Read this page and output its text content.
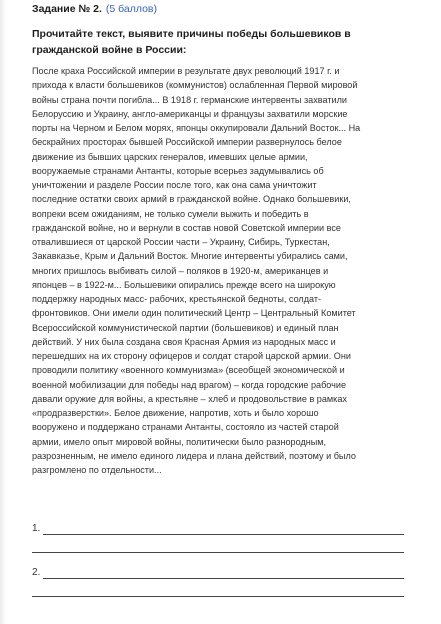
Задание № 2. (5 баллов)
Прочитайте текст, выявите причины победы большевиков в гражданской войне в России:
После краха Российской империи в результате двух революций 1917 г. и
прихода к власти большевиков (коммунистов) ослабленная Первой мировой
войны страна почти погибла... В 1918 г. германские интервенты захватили
Белоруссию и Украину, англо-американцы и французы захватили морские
порты на Черном и Белом морях, японцы оккупировали Дальний Восток... На
бескрайних просторах бывшей Российской империи развернулось белое
движение из бывших царских генералов, имевших целые армии,
вооружаемые странами Антанты, которые всерьез задумывались об
уничтожении и разделе России после того, как она сама уничтожит
последние остатки своих армий в гражданской войне. Однако большевики,
вопреки всем ожиданиям, не только сумели выжить и победить в
гражданской войне, но и вернули в состав новой Советской империи все
отвалившиеся от царской России части – Украину, Сибирь, Туркестан,
Закавказье, Крым и Дальний Восток. Многие интервенты убирались сами,
многих пришлось выбивать силой – поляков в 1920-м, американцев и
японцев – в 1922-м... Большевики опирались прежде всего на широкую
поддержку народных масс- рабочих, крестьянской бедноты, солдат-
фронтовиков. Они имели один политический Центр – Центральный Комитет
Всероссийской коммунистической партии (большевиков) и единый план
действий. У них была создана своя Красная Армия из народных масс и
перешедших на их сторону офицеров и солдат старой царской армии. Они
проводили политику «военного коммунизма» (всеобщей экономической и
военной мобилизации для победы над врагом) – когда городские рабочие
давали оружие для войны, а крестьяне – хлеб и продовольствие в рамках
«продразверстки». Белое движение, напротив, хоть и было хорошо
вооружено и поддержано странами Антанты, состояло из частей старой
армии, имело опыт мировой войны, политически было разнородным,
разрозненным, не имело единого лидера и плана действий, поэтому и было
разгромлено по отдельности...
1.
2.
